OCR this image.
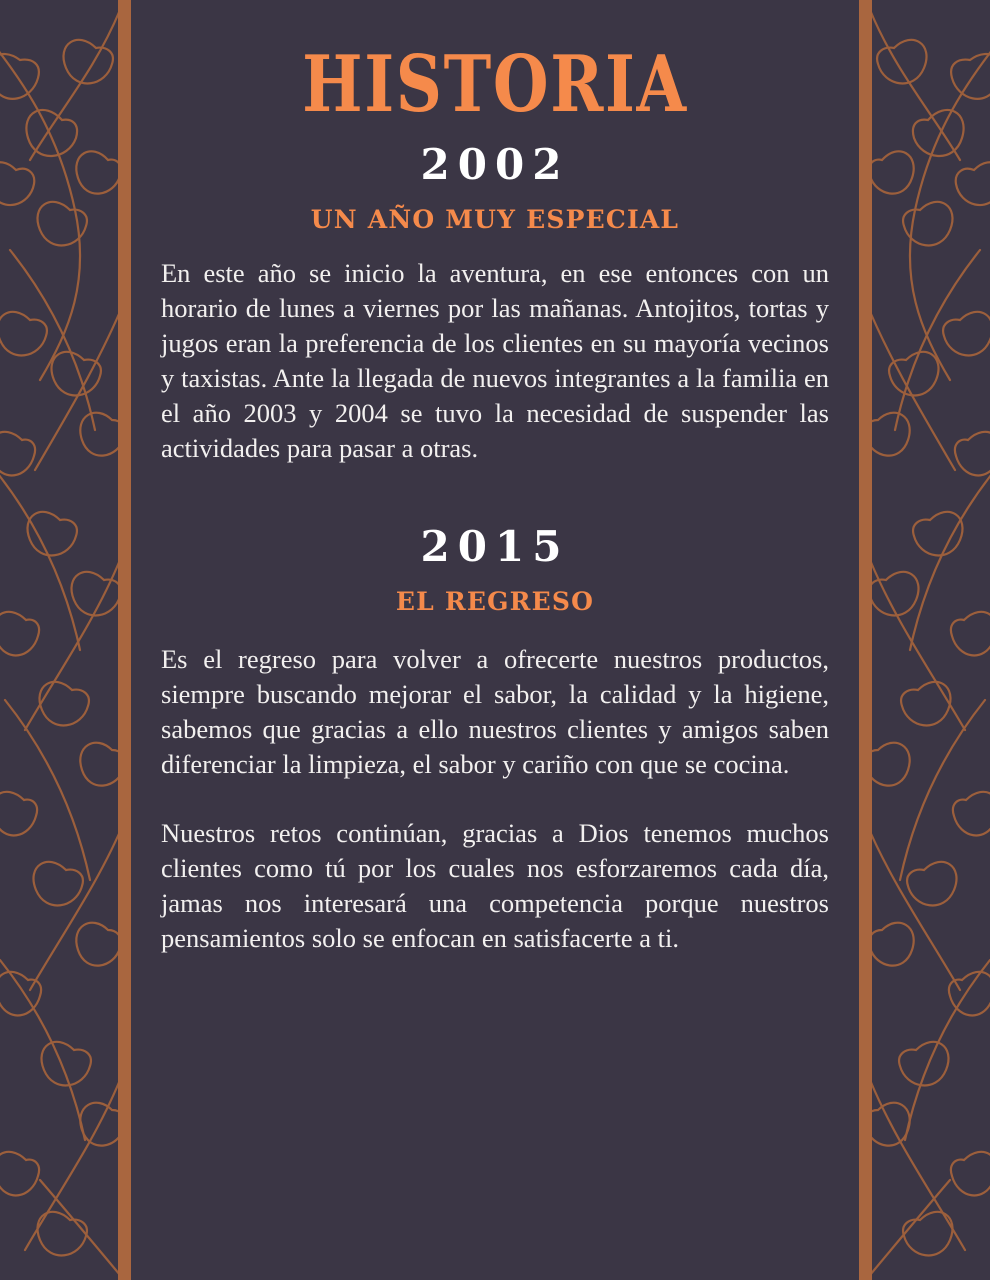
HISTORIA
2002
UN AÑO MUY ESPECIAL

En este año se inicio la aventura, en ese entonces con un horario de lunes a viernes por las mañanas. Antojitos, tortas y jugos eran la preferencia de los clientes en su mayoría vecinos y taxistas. Ante la llegada de nuevos integrantes a la familia en el año 2003 y 2004 se tuvo la necesidad de suspender las actividades para pasar a otras.

2015
EL REGRESO

Es el regreso para volver a ofrecerte nuestros productos, siempre buscando mejorar el sabor, la calidad y la higiene, sabemos que gracias a ello nuestros clientes y amigos saben diferenciar la limpieza, el sabor y cariño con que se cocina.

Nuestros retos continúan, gracias a Dios tenemos muchos clientes como tú por los cuales nos esforzaremos cada día, jamas nos interesará una competencia porque nuestros pensamientos solo se enfocan en satisfacerte a ti.
